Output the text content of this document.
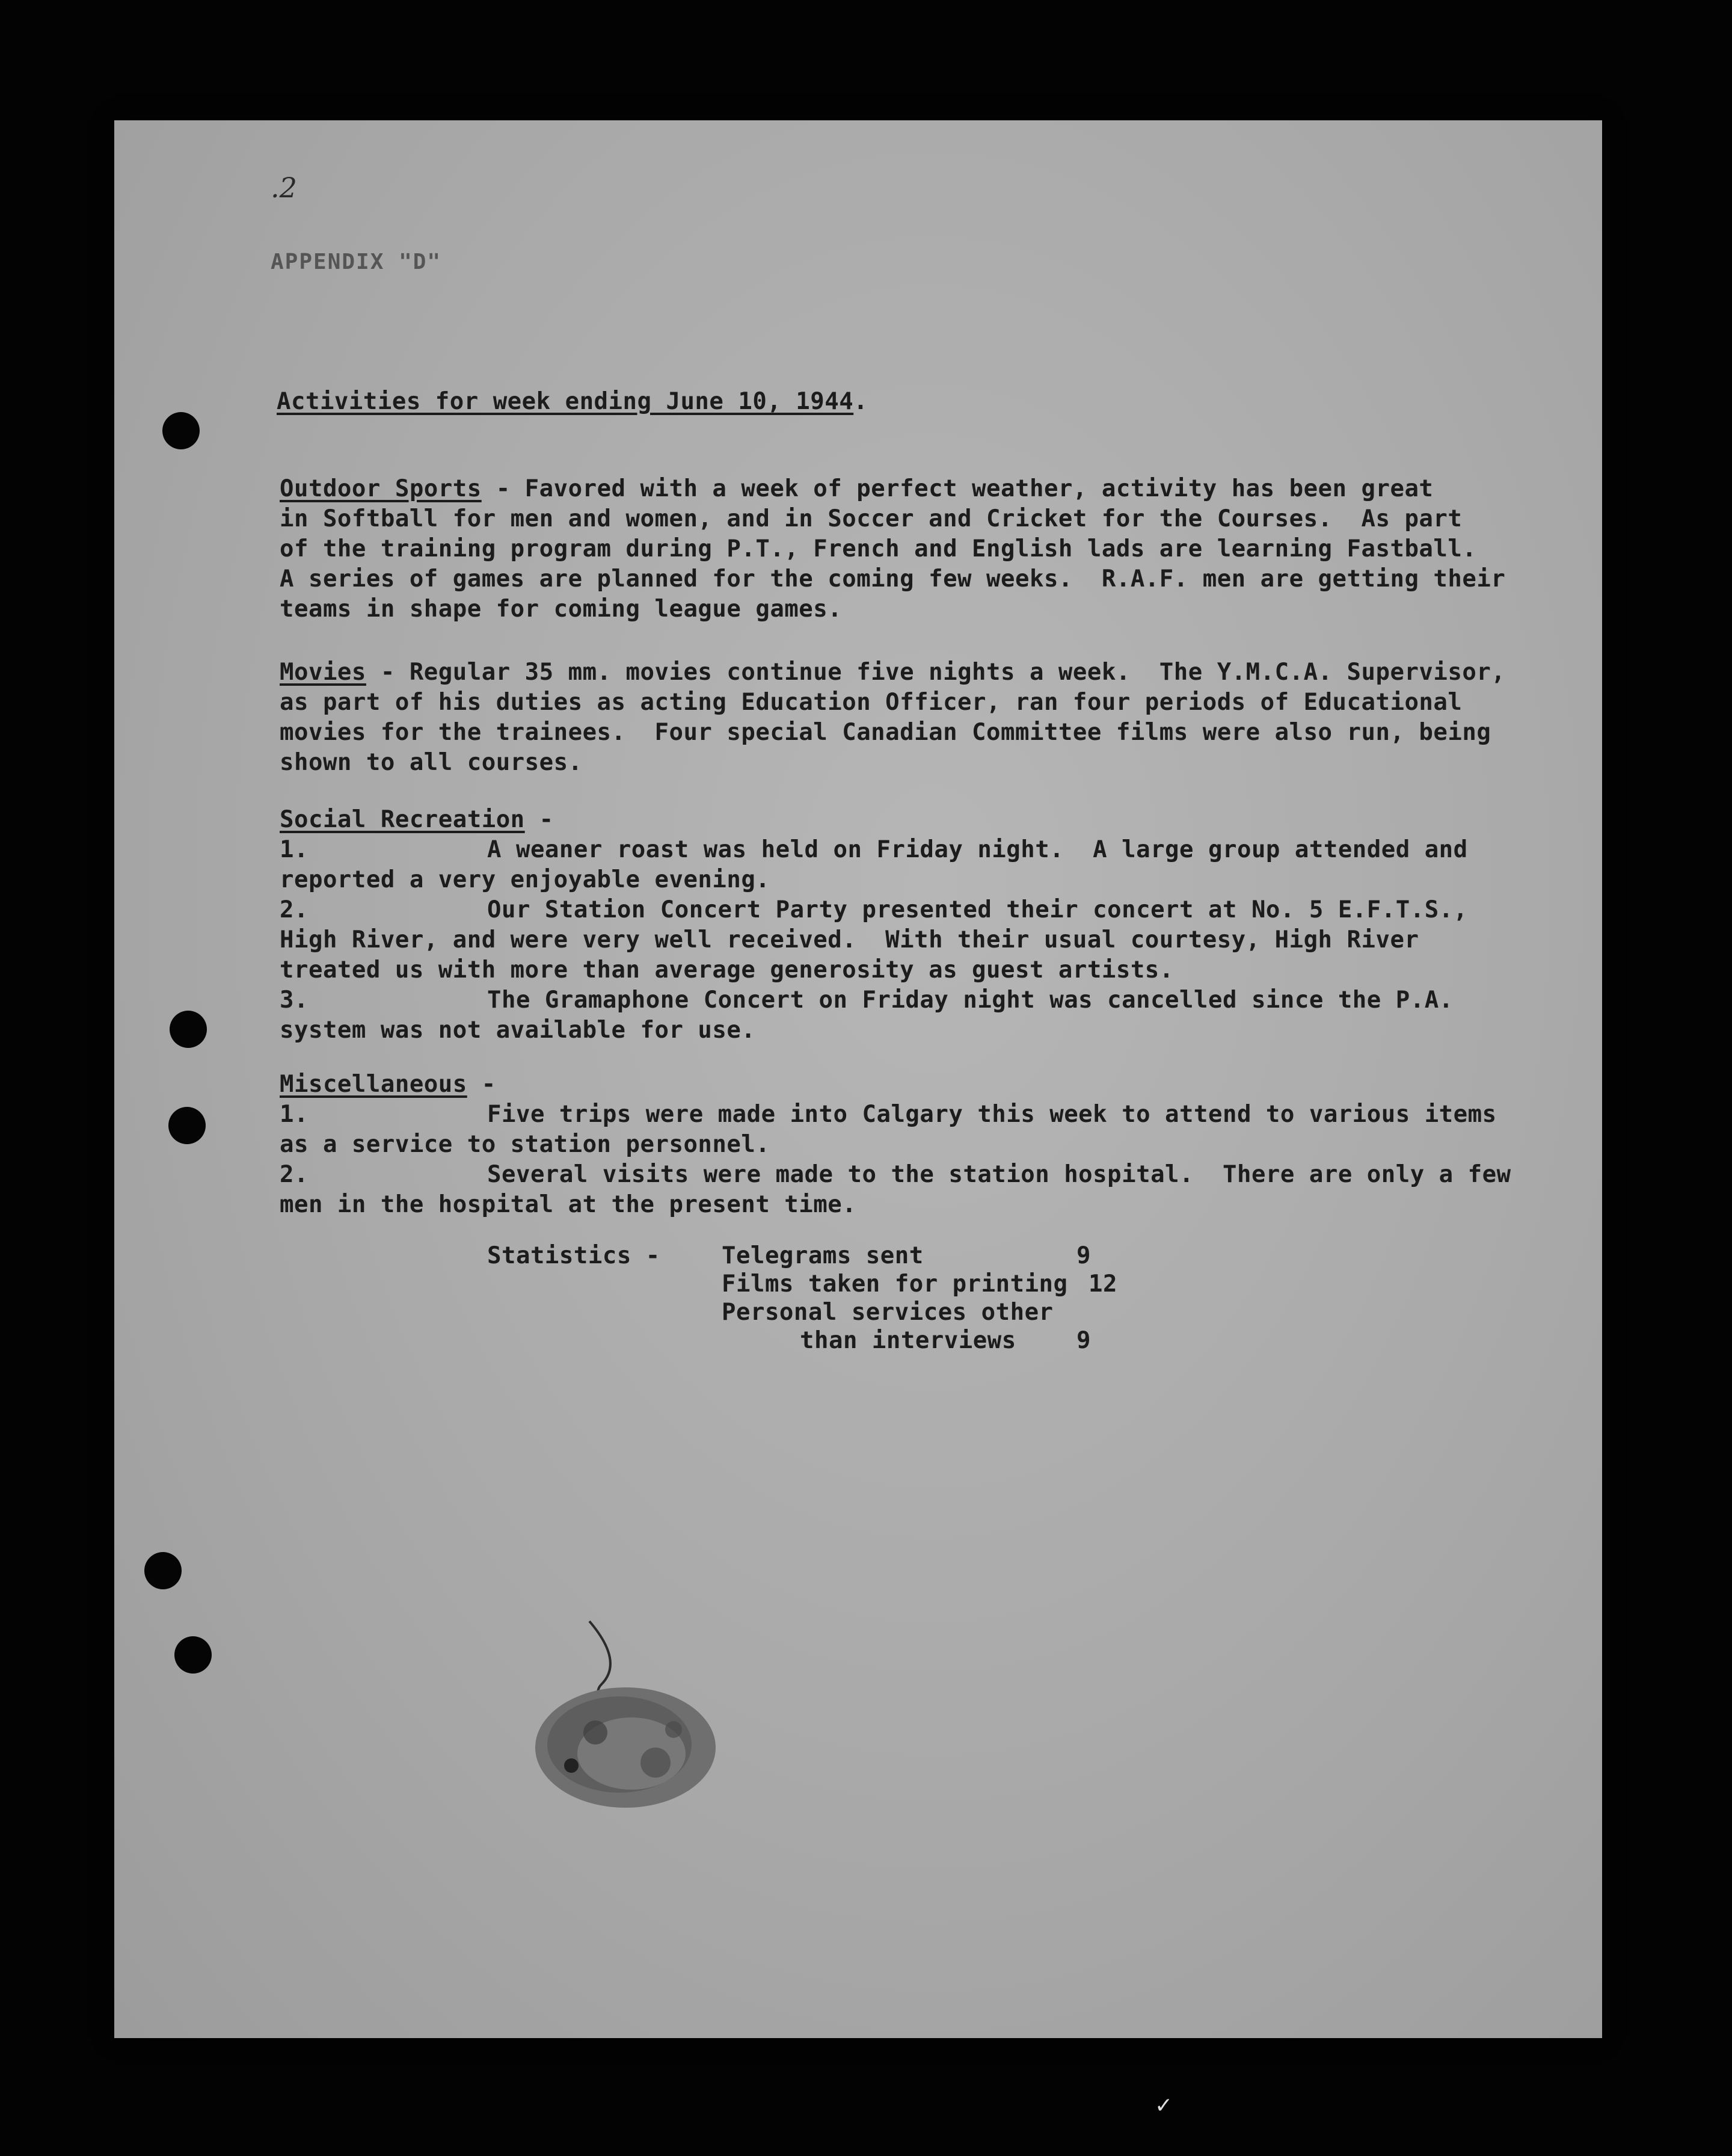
.2
APPENDIX "D"
Activities for week ending June 10, 1944.
Outdoor Sports - Favored with a week of perfect weather, activity has been great
in Softball for men and women, and in Soccer and Cricket for the Courses.  As part
of the training program during P.T., French and English lads are learning Fastball.
A series of games are planned for the coming few weeks.  R.A.F. men are getting their
teams in shape for coming league games.
Movies - Regular 35 mm. movies continue five nights a week.  The Y.M.C.A. Supervisor,
as part of his duties as acting Education Officer, ran four periods of Educational
movies for the trainees.  Four special Canadian Committee films were also run, being
shown to all courses.
Social Recreation -
1.	A weaner roast was held on Friday night.  A large group attended and
reported a very enjoyable evening.
2.	Our Station Concert Party presented their concert at No. 5 E.F.T.S.,
High River, and were very well received.  With their usual courtesy, High River
treated us with more than average generosity as guest artists.
3.	The Gramaphone Concert on Friday night was cancelled since the P.A.
system was not available for use.
Miscellaneous -
1.	Five trips were made into Calgary this week to attend to various items
as a service to station personnel.
2.	Several visits were made to the station hospital.  There are only a few
men in the hospital at the present time.
Statistics -	Telegrams sent	9
Films taken for printing 12
Personal services other
than interviews	9
✓
